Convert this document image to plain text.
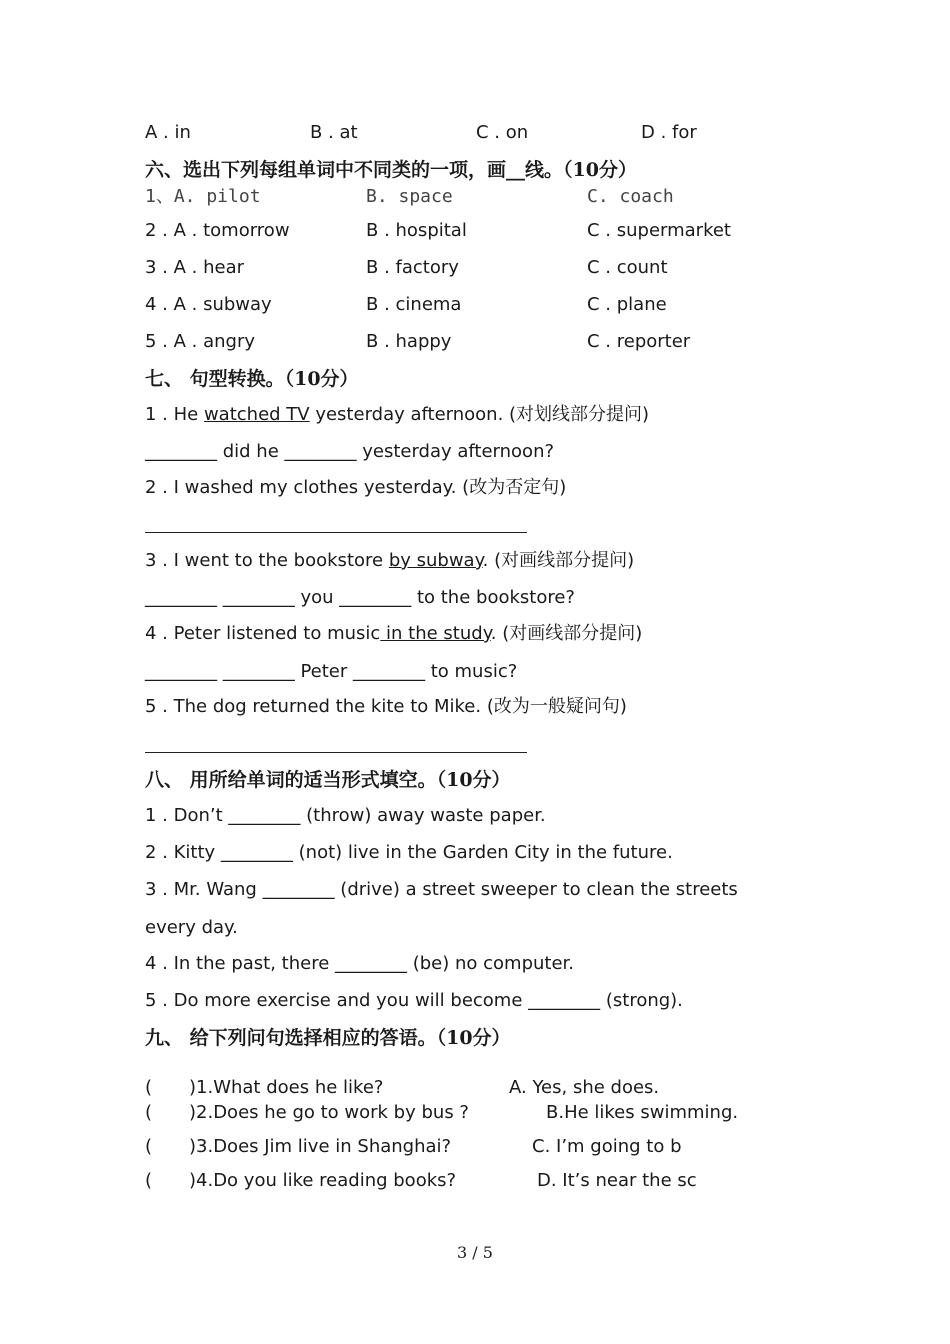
A . in	B . at	C . on	D . for
六、选出下列每组单词中不同类的一项，画__线。（10分）
1、A. pilot	B. space	C. coach
2 . A . tomorrow	B . hospital	C . supermarket
3 . A . hear	B . factory	C . count
4 . A . subway	B . cinema	C . plane
5 . A . angry	B . happy	C . reporter
七、 句型转换。（10分）
1 . He watched TV yesterday afternoon. (对划线部分提问)
________ did he ________ yesterday afternoon?
2 . I washed my clothes yesterday. (改为否定句)
3 . I went to the bookstore by subway. (对画线部分提问)
________ ________ you ________ to the bookstore?
4 . Peter listened to music in the study. (对画线部分提问)
________ ________ Peter ________ to music?
5 . The dog returned the kite to Mike. (改为一般疑问句)
八、 用所给单词的适当形式填空。（10分）
1 . Don’t ________ (throw) away waste paper.
2 . Kitty ________ (not) live in the Garden City in the future.
3 . Mr. Wang ________ (drive) a street sweeper to clean the streets
every day.
4 . In the past, there ________ (be) no computer.
5 . Do more exercise and you will become ________ (strong).
九、 给下列问句选择相应的答语。（10分）
( )1.What does he like?	A. Yes, she does.
( )2.Does he go to work by bus ?	B.He likes swimming.
( )3.Does Jim live in Shanghai?	C. I’m going to b
( )4.Do you like reading books?	D. It’s near the sc
3 / 5
